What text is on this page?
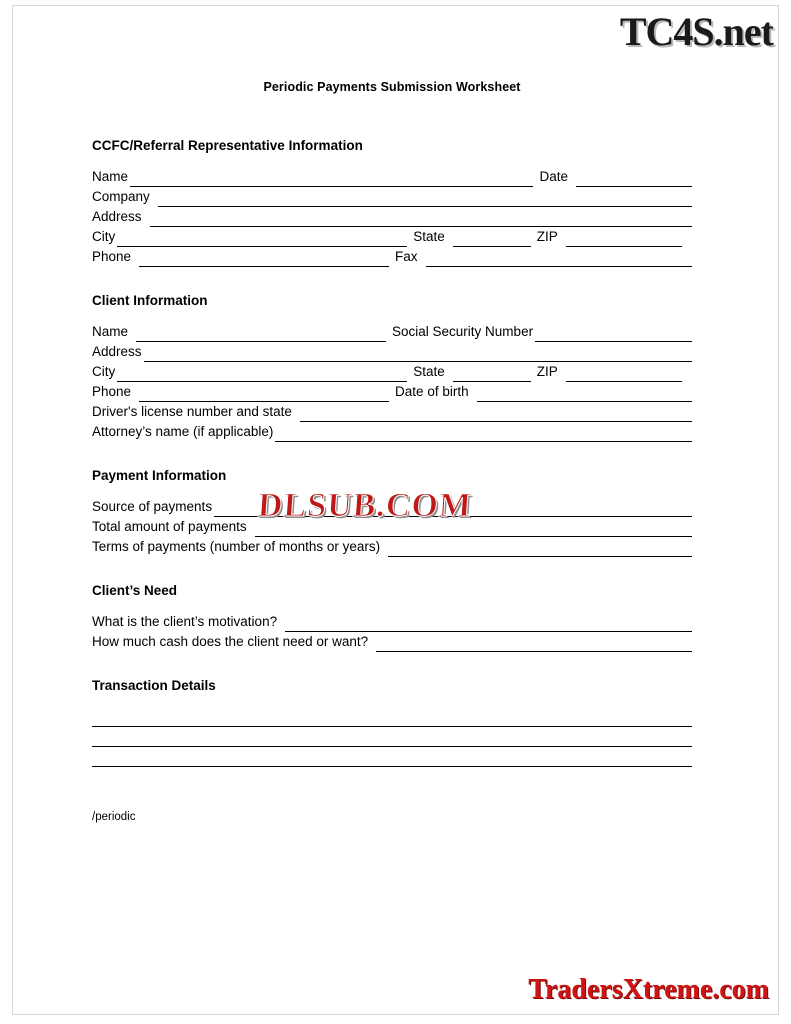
TC4S.net
Periodic Payments Submission Worksheet
CCFC/Referral Representative Information
Name	Date
Company
Address
City	State	ZIP
Phone	Fax
Client Information
Name	Social Security Number
Address
City	State	ZIP
Phone	Date of birth
Driver's license number and state
Attorney’s name (if applicable)
Payment Information
Source of payments
Total amount of payments
Terms of payments (number of months or years)
Client’s Need
What is the client’s motivation?
How much cash does the client need or want?
Transaction Details
/periodic
DLSUB.COM
TradersXtreme.com
